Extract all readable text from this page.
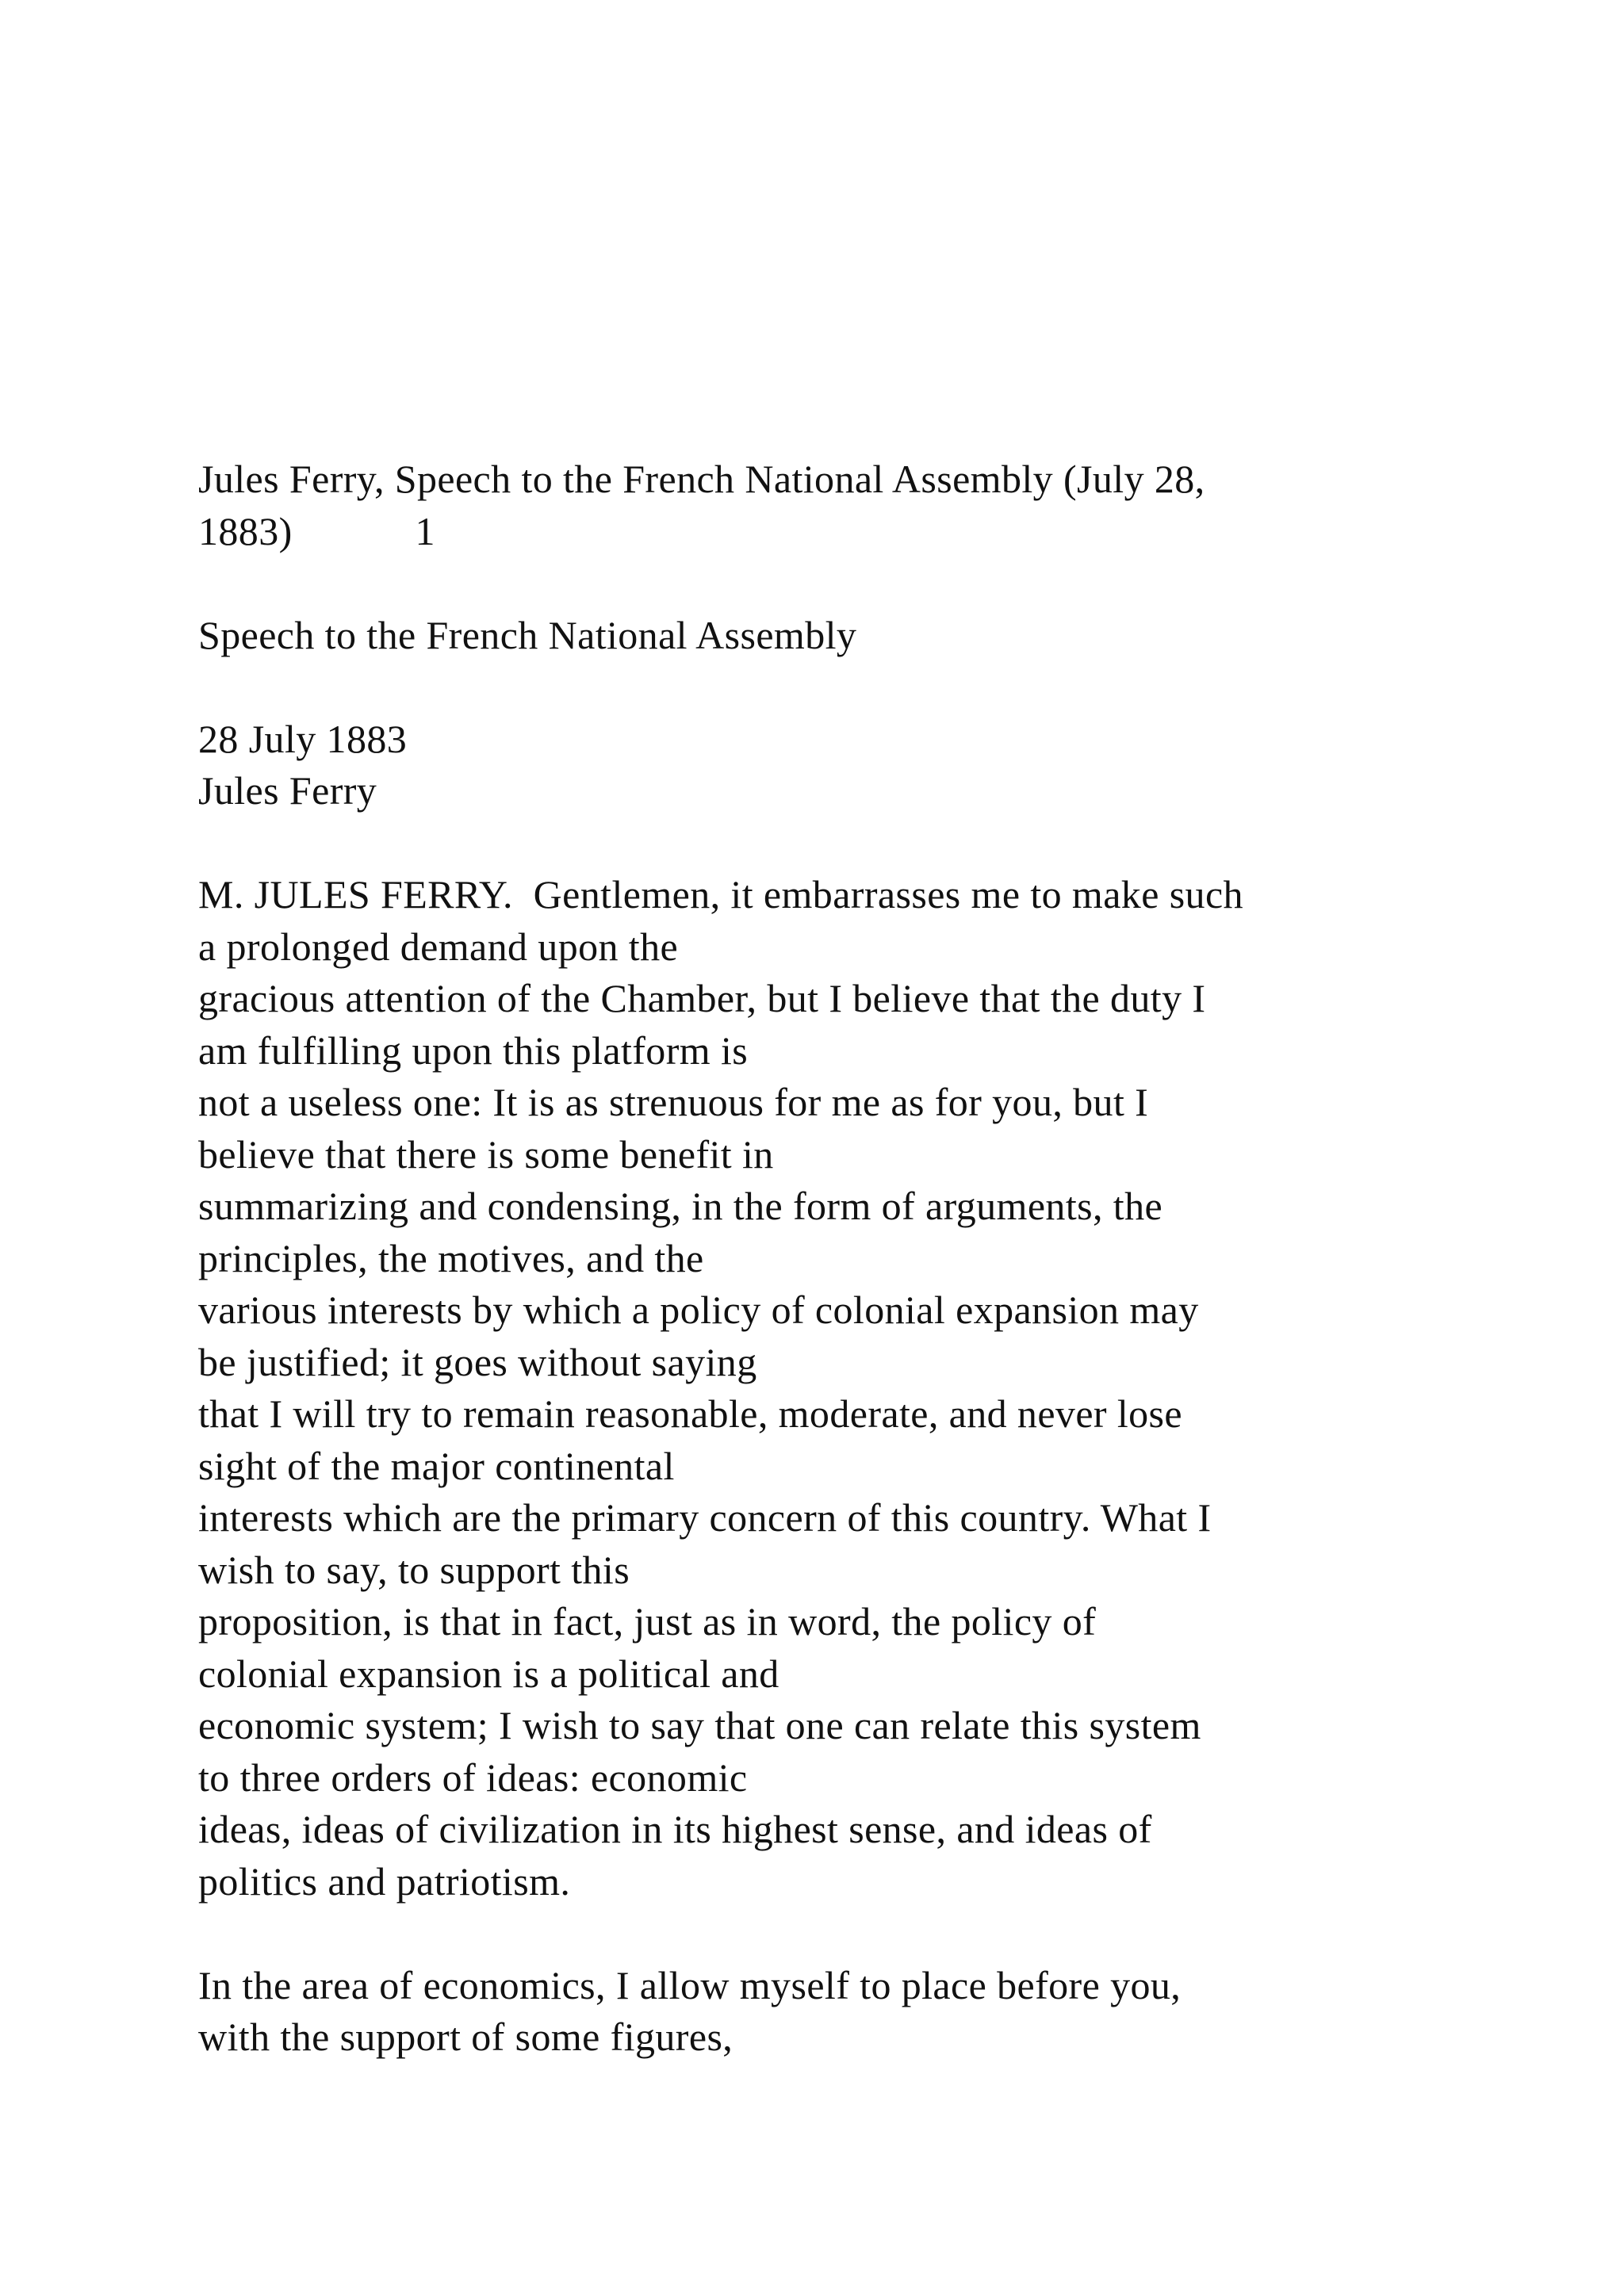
Jules Ferry, Speech to the French National Assembly (July 28,
1883)            1
Speech to the French National Assembly
28 July 1883
Jules Ferry
M. JULES FERRY.  Gentlemen, it embarrasses me to make such
a prolonged demand upon the
gracious attention of the Chamber, but I believe that the duty I
am fulfilling upon this platform is
not a useless one: It is as strenuous for me as for you, but I
believe that there is some benefit in
summarizing and condensing, in the form of arguments, the
principles, the motives, and the
various interests by which a policy of colonial expansion may
be justified; it goes without saying
that I will try to remain reasonable, moderate, and never lose
sight of the major continental
interests which are the primary concern of this country. What I
wish to say, to support this
proposition, is that in fact, just as in word, the policy of
colonial expansion is a political and
economic system; I wish to say that one can relate this system
to three orders of ideas: economic
ideas, ideas of civilization in its highest sense, and ideas of
politics and patriotism.
In the area of economics, I allow myself to place before you,
with the support of some figures,
